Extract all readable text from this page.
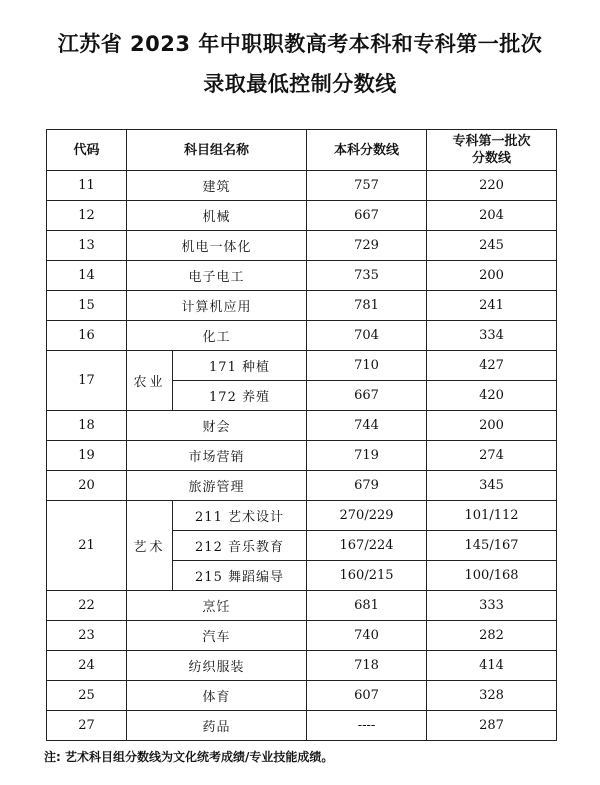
江苏省 2023 年中职职教高考本科和专科第一批次
录取最低控制分数线
代码	科目组名称		本科分数线	专科第一批次
分数线
11	建筑		757	220
12	机械		667	204
13	机电一体化		729	245
14	电子电工		735	200
15	计算机应用		781	241
16	化工		704	334
17	农业	171 种植	710	427
		172 养殖	667	420
18	财会		744	200
19	市场营销		719	274
20	旅游管理		679	345
21	艺术	211 艺术设计	270/229	101/112
		212 音乐教育	167/224	145/167
		215 舞蹈编导	160/215	100/168
22	烹饪		681	333
23	汽车		740	282
24	纺织服装		718	414
25	体育		607	328
27	药品		----	287
注: 艺术科目组分数线为文化统考成绩/专业技能成绩。
